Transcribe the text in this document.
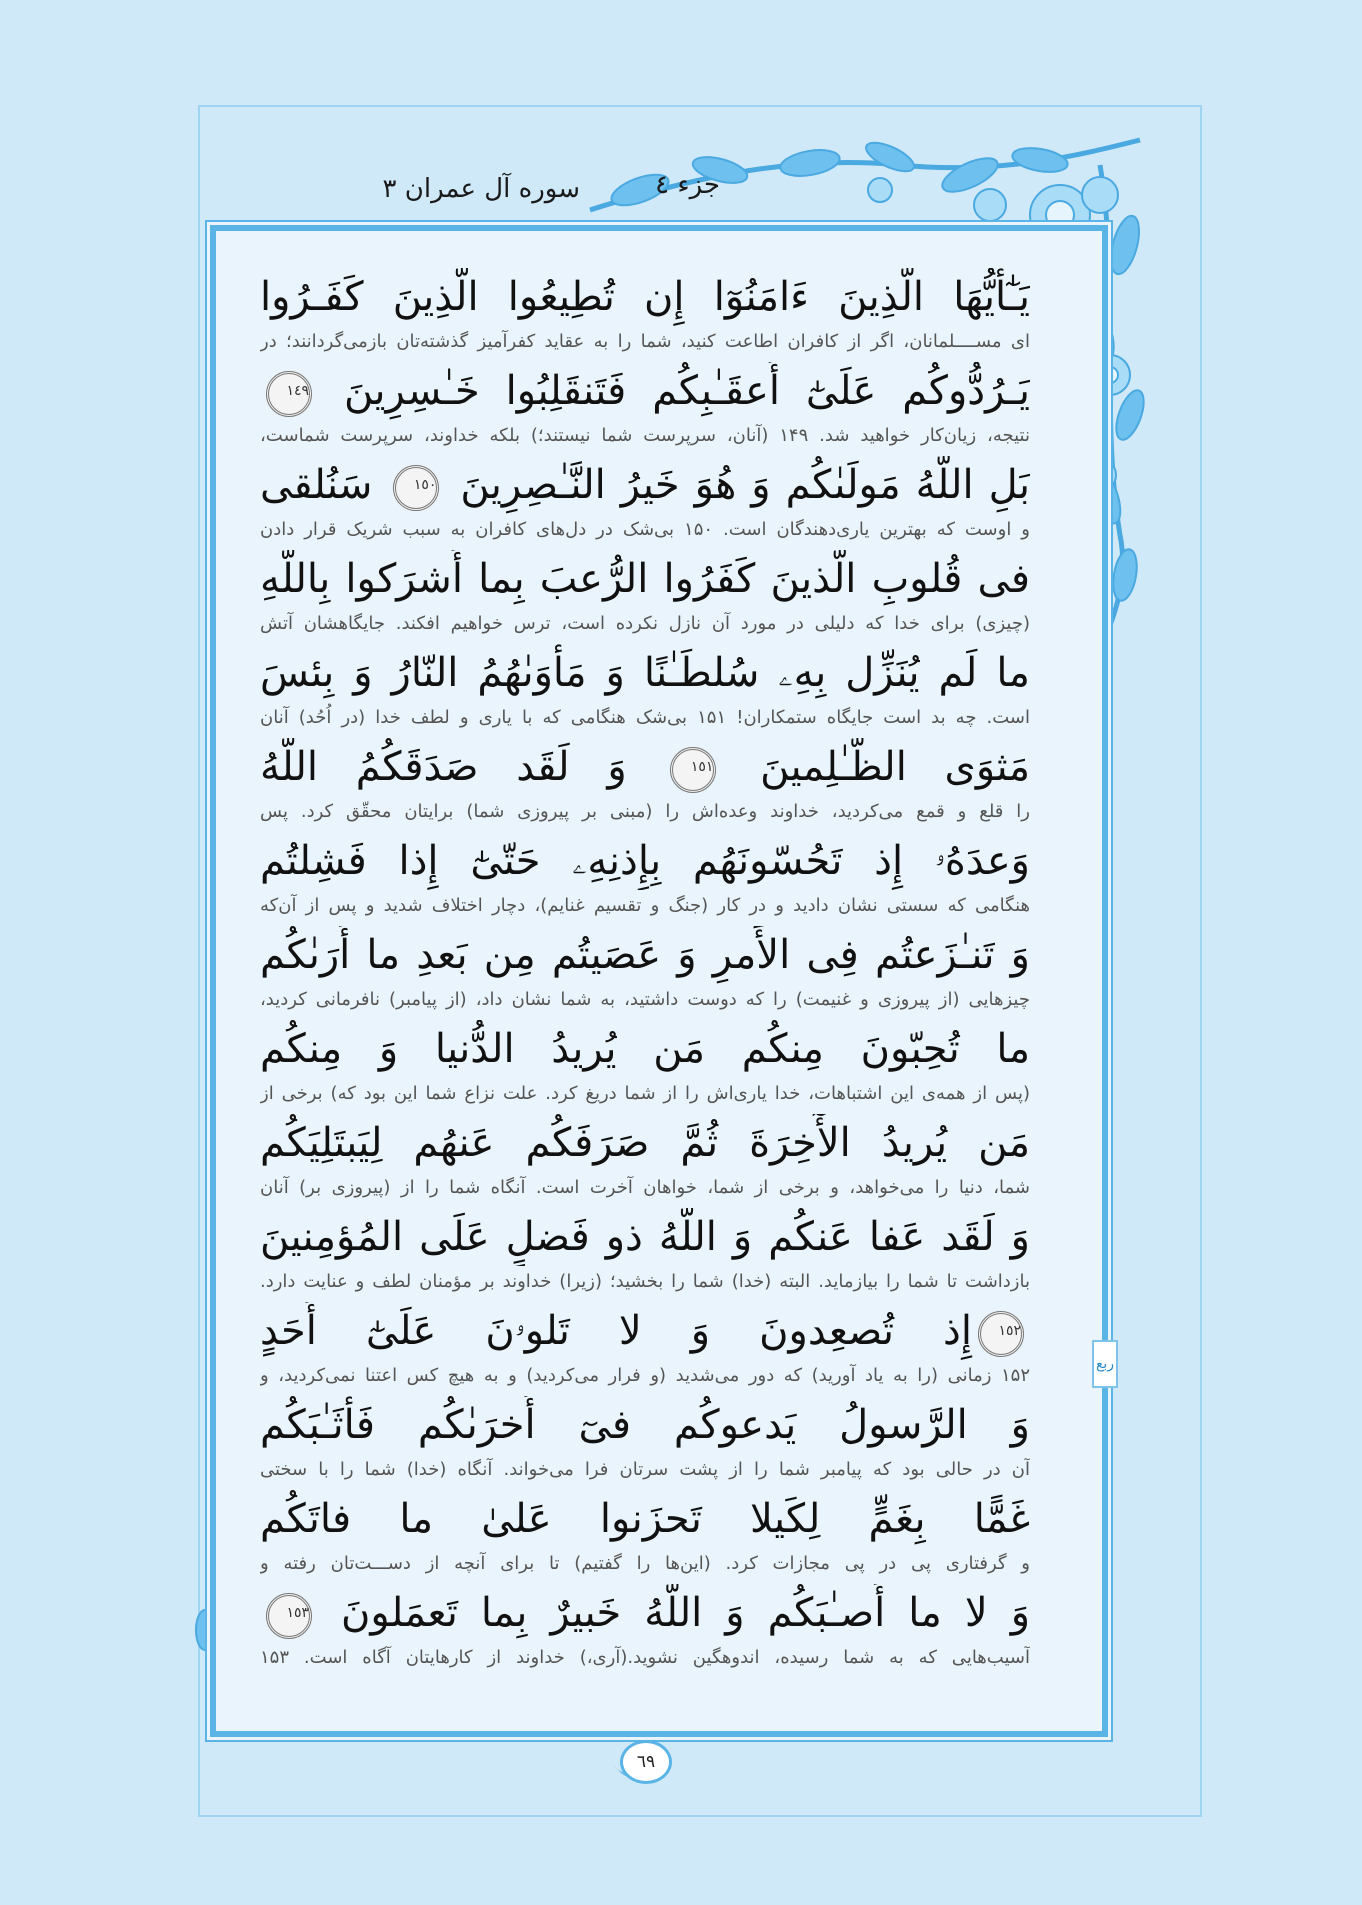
جزء ٤
سوره آل عمران ٣
يَـٰٓأَيُّهَا الَّذِينَ ءَامَنُوٓا إِن تُطِيعُوا الَّذِينَ كَفَـرُوا
ای مســــلمانان، اگر از کافران اطاعت کنید، شما را به عقاید کفرآمیز گذشته‌تان بازمی‌گردانند؛ در
يَـرُدُّوكُم عَلَىٰٓ أَعقَـٰبِكُم فَتَنقَلِبُوا خَـٰسِرِينَ ١٤٩
نتیجه، زیان‌کار خواهید شد. ۱۴۹ (آنان، سرپرست شما نیستند؛) بلکه خداوند، سرپرست شماست،
بَلِ اللَّهُ مَولَىٰكُم وَ هُوَ خَيرُ النَّـٰصِرِينَ ١٥٠ سَنُلقى
و اوست که بهترین یاری‌دهندگان است. ۱۵۰ بی‌شک در دل‌های کافران به سبب شریک قرار دادن
فى قُلوبِ الَّذينَ كَفَرُوا الرُّعبَ بِما أَشرَكوا بِاللَّهِ
(چیزی) برای خدا که دلیلی در مورد آن نازل نکرده است، ترس خواهیم افکند. جایگاهشان آتش
ما لَم يُنَزِّل بِهِۦ سُلطَـٰنًا وَ مَأوَىٰهُمُ النّارُ وَ بِئسَ
است. چه بد است جایگاه ستمکاران! ۱۵۱ بی‌شک هنگامی که با یاری و لطف خدا (در اُحُد) آنان
مَثوَى الظَّـٰلِمينَ ١٥١ وَ لَقَد صَدَقَكُمُ اللَّهُ
را قلع و قمع می‌کردید، خداوند وعده‌اش را (مبنی بر پیروزی شما) برایتان محقّق کرد. پس
وَعدَهُۥ إِذ تَحُسّونَهُم بِإِذنِهِۦ حَتّىٰٓ إِذا فَشِلتُم
هنگامی که سستی نشان دادید و در کار (جنگ و تقسیم غنایم)، دچار اختلاف شدید و پس از آن‌که
وَ تَنـٰزَعتُم فِى الأَمرِ وَ عَصَيتُم مِن بَعدِ ما أَرَىٰكُم
چیزهایی (از پیروزی و غنیمت) را که دوست داشتید، به شما نشان داد، (از پیامبر) نافرمانی کردید،
ما تُحِبّونَ مِنكُم مَن يُريدُ الدُّنيا وَ مِنكُم
(پس از همه‌ی این اشتباهات، خدا یاری‌اش را از شما دریغ کرد. علت نزاع شما این بود که) برخی از
مَن يُريدُ الأٓخِرَةَ ثُمَّ صَرَفَكُم عَنهُم لِيَبتَلِيَكُم
شما، دنیا را می‌خواهد، و برخی از شما، خواهان آخرت است. آنگاه شما را از (پیروزی بر) آنان
وَ لَقَد عَفا عَنكُم وَ اللَّهُ ذو فَضلٍ عَلَى المُؤمِنينَ
بازداشت تا شما را بیازماید. البته (خدا) شما را بخشید؛ (زیرا) خداوند بر مؤمنان لطف و عنایت دارد.
١٥٢إِذ تُصعِدونَ وَ لا تَلوۥنَ عَلَىٰٓ أَحَدٍ
۱۵۲ زمانی (را به یاد آورید) که دور می‌شدید (و فرار می‌کردید) و به هیچ کس اعتنا نمی‌کردید، و
وَ الرَّسولُ يَدعوكُم فىٓ أُخرَىٰكُم فَأَثَـٰبَكُم
آن در حالی بود که پیامبر شما را از پشت سرتان فرا می‌خواند. آنگاه (خدا) شما را با سختی
غَمًّا بِغَمٍّ لِكَيلا تَحزَنوا عَلىٰ ما فاتَكُم
و گرفتاری پی در پی مجازات کرد. (این‌ها را گفتیم) تا برای آنچه از دســـت‌تان رفته و
وَ لا ما أَصـٰبَكُم وَ اللَّهُ خَبيرٌ بِما تَعمَلونَ ١٥٣
آسیب‌هایی که به شما رسیده، اندوهگین نشوید.(آری،) خداوند از کارهایتان آگاه است. ۱۵۳
ربع
٦٩
